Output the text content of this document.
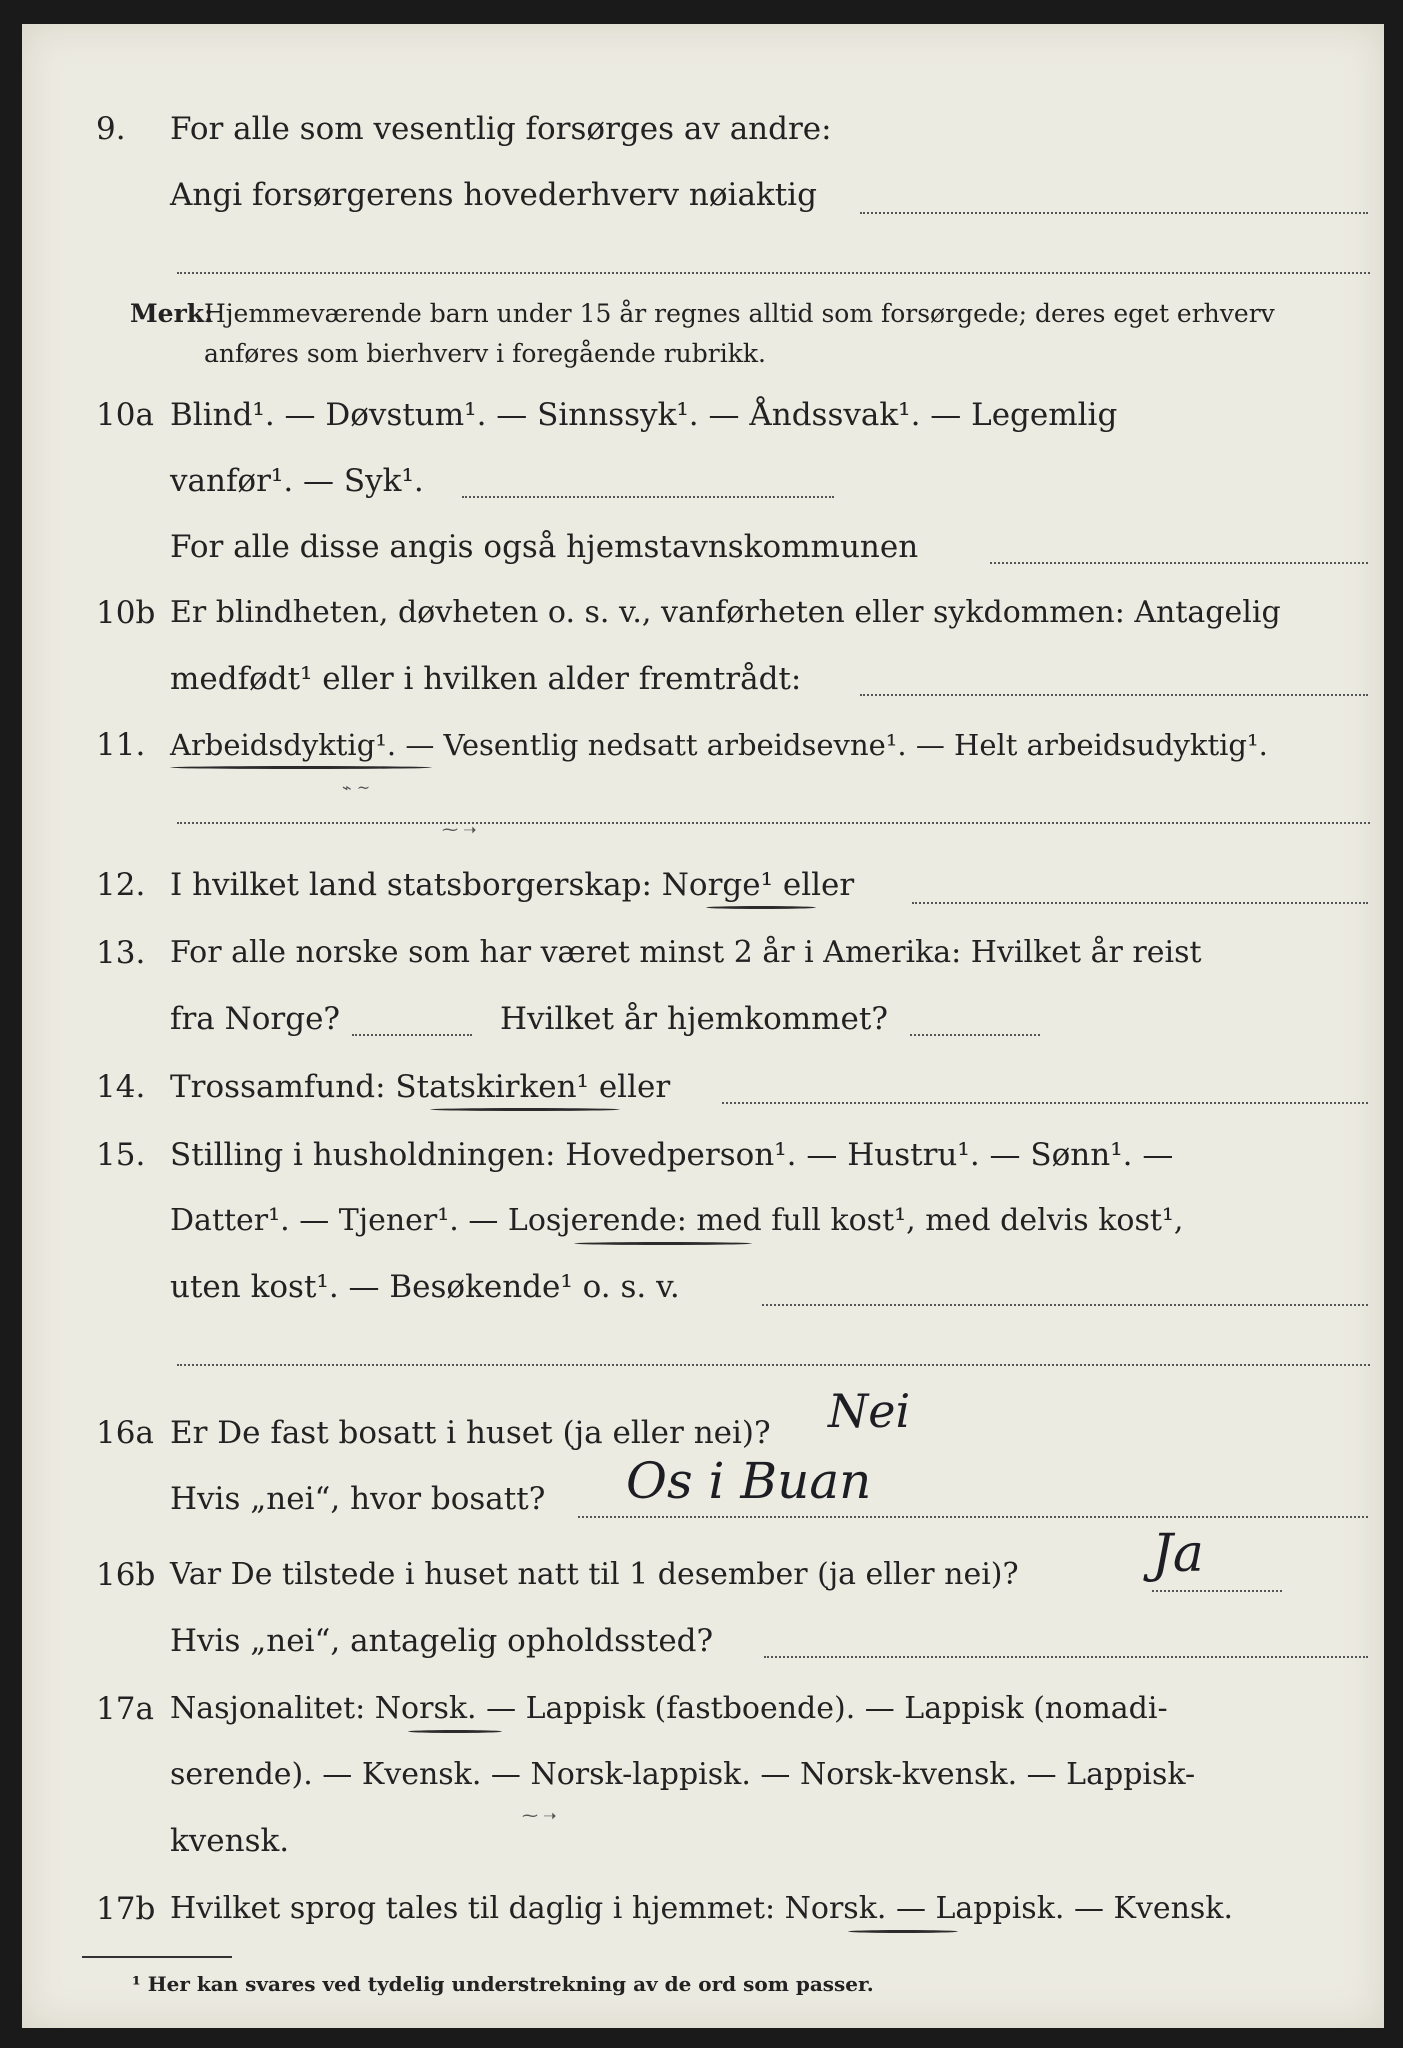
9. For alle som vesentlig forsørges av andre:
Angi forsørgerens hovederhverv nøiaktig
Merk:
Hjemmeværende barn under 15 år regnes alltid som forsørgede; deres eget erhverv
anføres som bierhverv i foregående rubrikk.
10a Blind¹. — Døvstum¹. — Sinnssyk¹. — Åndssvak¹. — Legemlig
vanfør¹. — Syk¹.
For alle disse angis også hjemstavnskommunen
10b Er blindheten, døvheten o. s. v., vanførheten eller sykdommen: Antagelig
medfødt¹ eller i hvilken alder fremtrådt:
11. Arbeidsdyktig¹. — Vesentlig nedsatt arbeidsevne¹. — Helt arbeidsudyktig¹.
⌁ ~
⁓ ➝
12. I hvilket land statsborgerskap: Norge¹ eller
13. For alle norske som har været minst 2 år i Amerika: Hvilket år reist
fra Norge?	Hvilket år hjemkommet?
14. Trossamfund: Statskirken¹ eller
15. Stilling i husholdningen: Hovedperson¹. — Hustru¹. — Sønn¹. —
Datter¹. — Tjener¹. — Losjerende: med full kost¹, med delvis kost¹,
uten kost¹. — Besøkende¹ o. s. v.
16a Er De fast bosatt i huset (ja eller nei)? Nei
Hvis „nei“, hvor bosatt? Os i Buan
16b Var De tilstede i huset natt til 1 desember (ja eller nei)?	Ja
Hvis „nei“, antagelig opholdssted?
17a Nasjonalitet: Norsk. — Lappisk (fastboende). — Lappisk (nomadi-
serende). — Kvensk. — Norsk-lappisk. — Norsk-kvensk. — Lappisk-
kvensk.
⁓ ➝
17b Hvilket sprog tales til daglig i hjemmet: Norsk. — Lappisk. — Kvensk.
¹ Her kan svares ved tydelig understrekning av de ord som passer.
